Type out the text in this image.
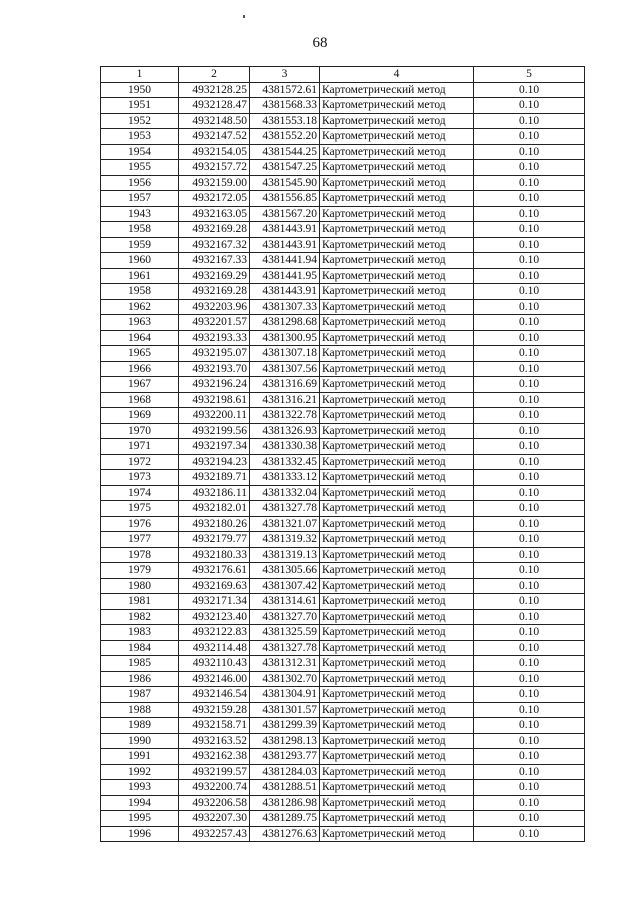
68
1	2	3	4	5
1950	4932128.25	4381572.61	Картометрический метод	0.10
1951	4932128.47	4381568.33	Картометрический метод	0.10
1952	4932148.50	4381553.18	Картометрический метод	0.10
1953	4932147.52	4381552.20	Картометрический метод	0.10
1954	4932154.05	4381544.25	Картометрический метод	0.10
1955	4932157.72	4381547.25	Картометрический метод	0.10
1956	4932159.00	4381545.90	Картометрический метод	0.10
1957	4932172.05	4381556.85	Картометрический метод	0.10
1943	4932163.05	4381567.20	Картометрический метод	0.10
1958	4932169.28	4381443.91	Картометрический метод	0.10
1959	4932167.32	4381443.91	Картометрический метод	0.10
1960	4932167.33	4381441.94	Картометрический метод	0.10
1961	4932169.29	4381441.95	Картометрический метод	0.10
1958	4932169.28	4381443.91	Картометрический метод	0.10
1962	4932203.96	4381307.33	Картометрический метод	0.10
1963	4932201.57	4381298.68	Картометрический метод	0.10
1964	4932193.33	4381300.95	Картометрический метод	0.10
1965	4932195.07	4381307.18	Картометрический метод	0.10
1966	4932193.70	4381307.56	Картометрический метод	0.10
1967	4932196.24	4381316.69	Картометрический метод	0.10
1968	4932198.61	4381316.21	Картометрический метод	0.10
1969	4932200.11	4381322.78	Картометрический метод	0.10
1970	4932199.56	4381326.93	Картометрический метод	0.10
1971	4932197.34	4381330.38	Картометрический метод	0.10
1972	4932194.23	4381332.45	Картометрический метод	0.10
1973	4932189.71	4381333.12	Картометрический метод	0.10
1974	4932186.11	4381332.04	Картометрический метод	0.10
1975	4932182.01	4381327.78	Картометрический метод	0.10
1976	4932180.26	4381321.07	Картометрический метод	0.10
1977	4932179.77	4381319.32	Картометрический метод	0.10
1978	4932180.33	4381319.13	Картометрический метод	0.10
1979	4932176.61	4381305.66	Картометрический метод	0.10
1980	4932169.63	4381307.42	Картометрический метод	0.10
1981	4932171.34	4381314.61	Картометрический метод	0.10
1982	4932123.40	4381327.70	Картометрический метод	0.10
1983	4932122.83	4381325.59	Картометрический метод	0.10
1984	4932114.48	4381327.78	Картометрический метод	0.10
1985	4932110.43	4381312.31	Картометрический метод	0.10
1986	4932146.00	4381302.70	Картометрический метод	0.10
1987	4932146.54	4381304.91	Картометрический метод	0.10
1988	4932159.28	4381301.57	Картометрический метод	0.10
1989	4932158.71	4381299.39	Картометрический метод	0.10
1990	4932163.52	4381298.13	Картометрический метод	0.10
1991	4932162.38	4381293.77	Картометрический метод	0.10
1992	4932199.57	4381284.03	Картометрический метод	0.10
1993	4932200.74	4381288.51	Картометрический метод	0.10
1994	4932206.58	4381286.98	Картометрический метод	0.10
1995	4932207.30	4381289.75	Картометрический метод	0.10
1996	4932257.43	4381276.63	Картометрический метод	0.10
